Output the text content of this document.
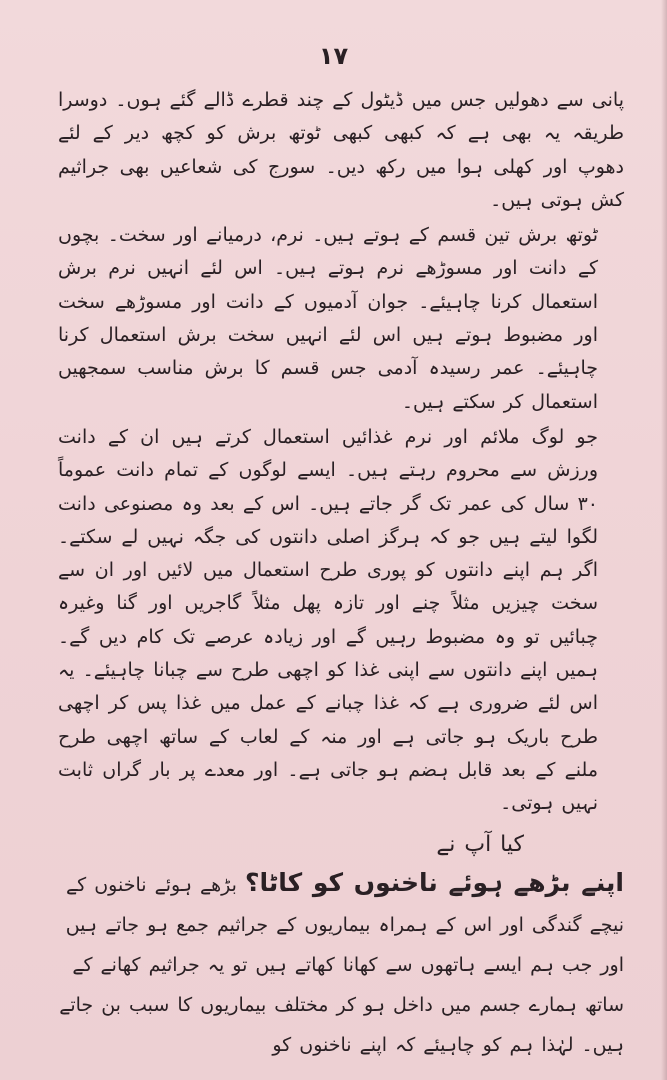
١٧

پانی سے دھولیں جس میں ڈیٹول کے چند قطرے ڈالے گئے ہوں۔ دوسرا طریقہ یہ بھی ہے کہ کبھی کبھی ٹوتھ برش کو کچھ دیر کے لئے دھوپ اور کھلی ہوا میں رکھ دیں۔ سورج کی شعاعیں بھی جراثیم کش ہوتی ہیں۔

ٹوتھ برش تین قسم کے ہوتے ہیں۔ نرم، درمیانے اور سخت۔ بچوں کے دانت اور مسوڑھے نرم ہوتے ہیں۔ اس لئے انہیں نرم برش استعمال کرنا چاہیئے۔ جوان آدمیوں کے دانت اور مسوڑھے سخت اور مضبوط ہوتے ہیں اس لئے انہیں سخت برش استعمال کرنا چاہیئے۔ عمر رسیدہ آدمی جس قسم کا برش مناسب سمجھیں استعمال کر سکتے ہیں۔

جو لوگ ملائم اور نرم غذائیں استعمال کرتے ہیں ان کے دانت ورزش سے محروم رہتے ہیں۔ ایسے لوگوں کے تمام دانت عموماً ٣٠ سال کی عمر تک گر جاتے ہیں۔ اس کے بعد وہ مصنوعی دانت لگوا لیتے ہیں جو کہ ہرگز اصلی دانتوں کی جگہ نہیں لے سکتے۔ اگر ہم اپنے دانتوں کو پوری طرح استعمال میں لائیں اور ان سے سخت چیزیں مثلاً چنے اور تازہ پھل مثلاً گاجریں اور گنا وغیرہ چبائیں تو وہ مضبوط رہیں گے اور زیادہ عرصے تک کام دیں گے۔ ہمیں اپنے دانتوں سے اپنی غذا کو اچھی طرح سے چبانا چاہیئے۔ یہ اس لئے ضروری ہے کہ غذا چبانے کے عمل میں غذا پس کر اچھی طرح باریک ہو جاتی ہے اور منہ کے لعاب کے ساتھ اچھی طرح ملنے کے بعد قابل ہضم ہو جاتی ہے۔ اور معدے پر بار گراں ثابت نہیں ہوتی۔

کیا آپ نے
اپنے بڑھے ہوئے ناخنوں کو کاٹا؟ بڑھے ہوئے ناخنوں کے نیچے گندگی اور اس کے ہمراہ بیماریوں کے جراثیم جمع ہو جاتے ہیں اور جب ہم ایسے ہاتھوں سے کھانا کھاتے ہیں تو یہ جراثیم کھانے کے ساتھ ہمارے جسم میں داخل ہو کر مختلف بیماریوں کا سبب بن جاتے ہیں۔ لہٰذا ہم کو چاہیئے کہ اپنے ناخنوں کو
